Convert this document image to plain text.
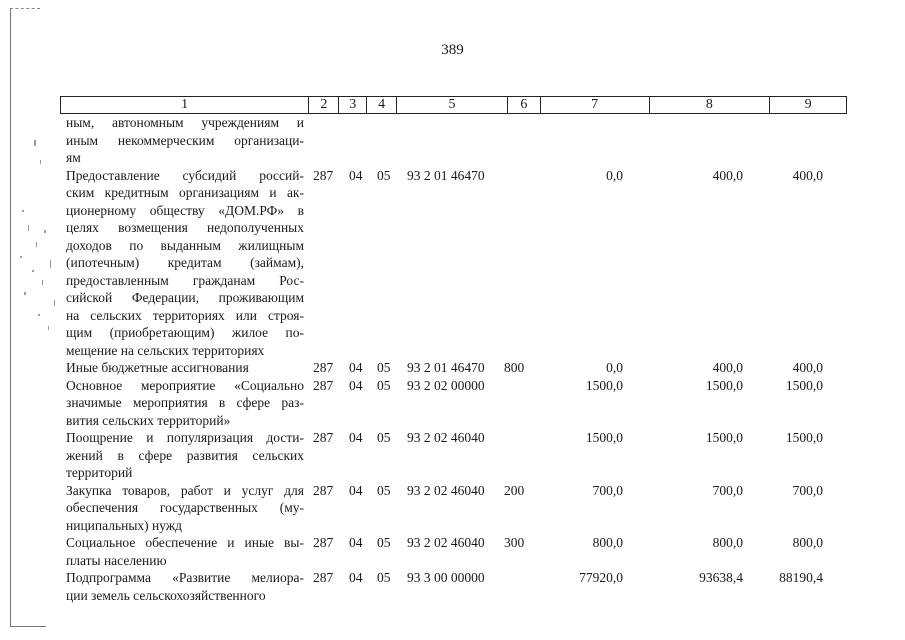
389
1	2	3	4	5	6	7	8	9
ным, автономным учреждениям и
иным некоммерческим организаци-
ям
Предоставление субсидий россий-
ским кредитным организациям и ак-
ционерному обществу «ДОМ.РФ» в
целях возмещения недополученных
доходов по выданным жилищным
(ипотечным) кредитам (займам),
предоставленным гражданам Рос-
сийской Федерации, проживающим
на сельских территориях или строя-
щим (приобретающим) жилое по-
мещение на сельских территориях
287 04 05 93 2 01 46470	0,0	400,0	400,0
Иные бюджетные ассигнования	287 04 05 93 2 01 46470 800	0,0	400,0	400,0
Основное мероприятие «Социально
значимые мероприятия в сфере раз-
вития сельских территорий»
287 04 05 93 2 02 00000	1500,0	1500,0	1500,0
Поощрение и популяризация дости-
жений в сфере развития сельских
территорий
287 04 05 93 2 02 46040	1500,0	1500,0	1500,0
Закупка товаров, работ и услуг для
обеспечения государственных (му-
ниципальных) нужд
287 04 05 93 2 02 46040 200	700,0	700,0	700,0
Социальное обеспечение и иные вы-
платы населению
287 04 05 93 2 02 46040 300	800,0	800,0	800,0
Подпрограмма «Развитие мелиора-
ции земель сельскохозяйственного
287 04 05 93 3 00 00000	77920,0	93638,4	88190,4
